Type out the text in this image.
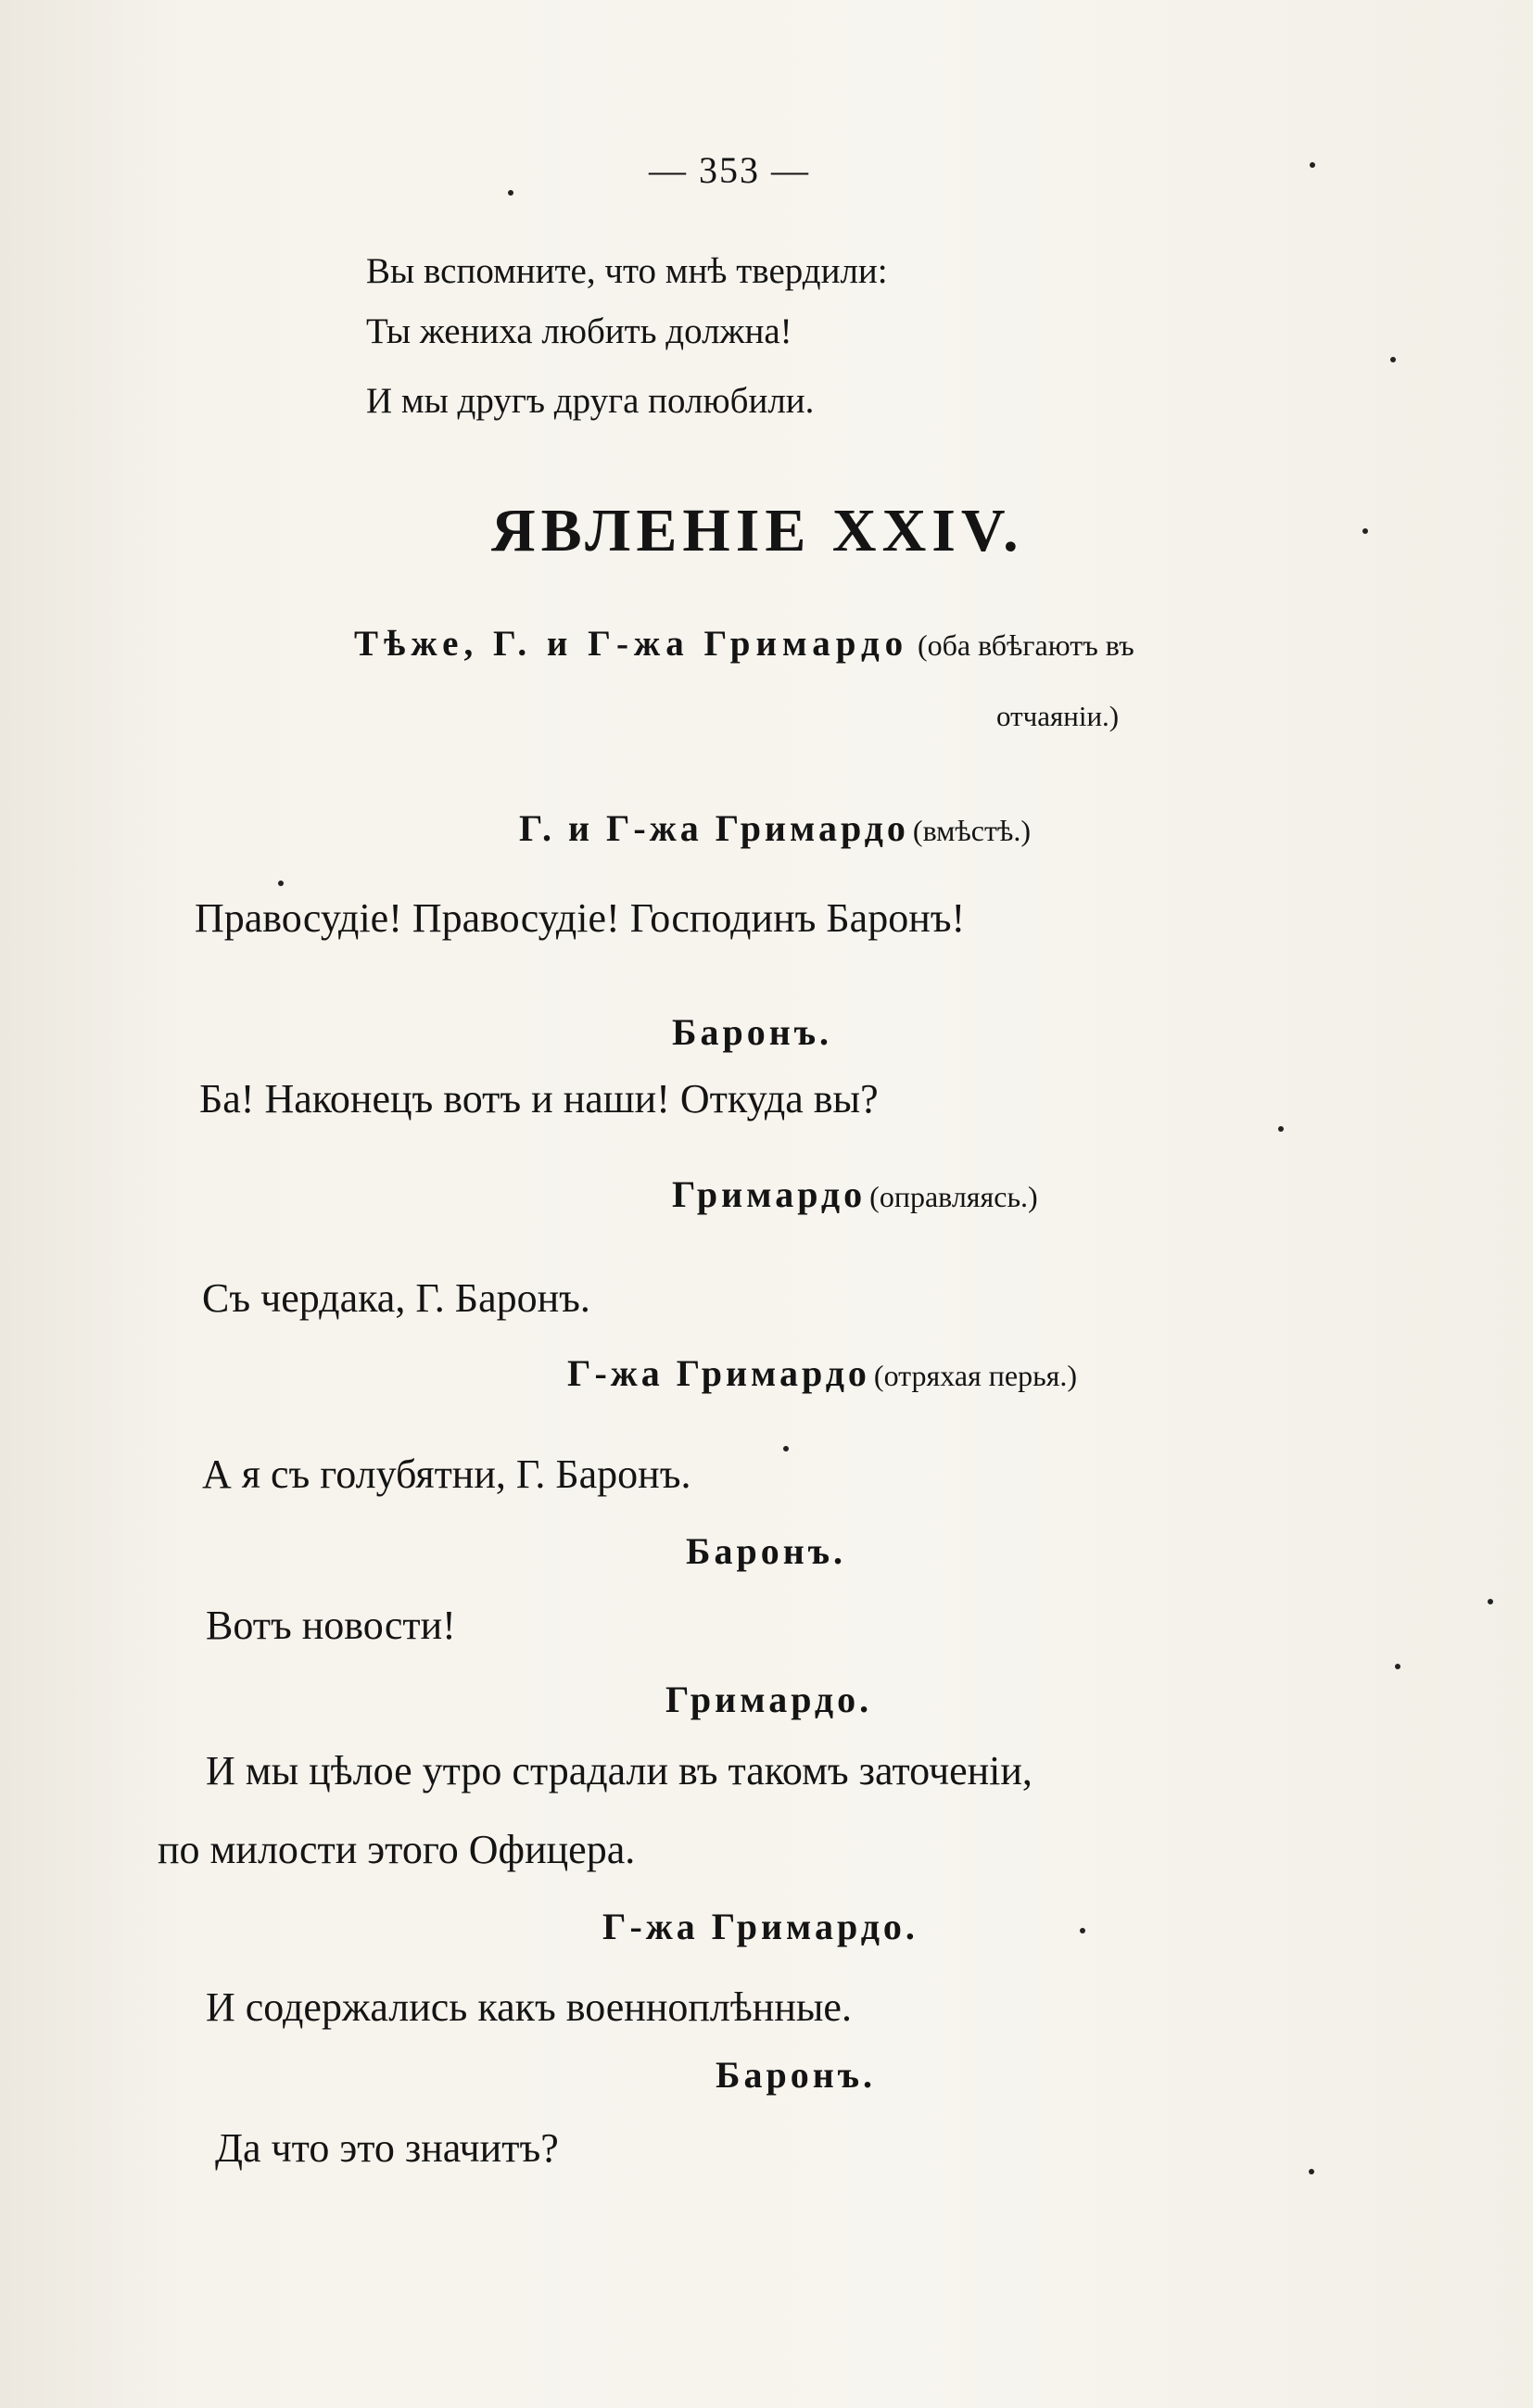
— 353 —
Вы вспомните, что мнѣ твердили:
Ты жениха любить должна!
И мы другъ друга полюбили.
ЯВЛЕНIЕ XXIV.
Тѣже, Г. и Г-жа Гримардо (оба вбѣгаютъ въ
отчаяніи.)
Г. и Г-жа Гримардо (вмѣстѣ.)
Правосудіе! Правосудіе! Господинъ Баронъ!
Баронъ.
Ба! Наконецъ вотъ и наши! Откуда вы?
Гримардо (оправляясь.)
Съ чердака, Г. Баронъ.
Г-жа Гримардо (отряхая перья.)
А я съ голубятни, Г. Баронъ.
Баронъ.
Вотъ новости!
Гримардо.
И мы цѣлое утро страдали въ такомъ заточеніи,
по милости этого Офицера.
Г-жа Гримардо.
И содержались какъ военноплѣнные.
Баронъ.
Да что это значитъ?
